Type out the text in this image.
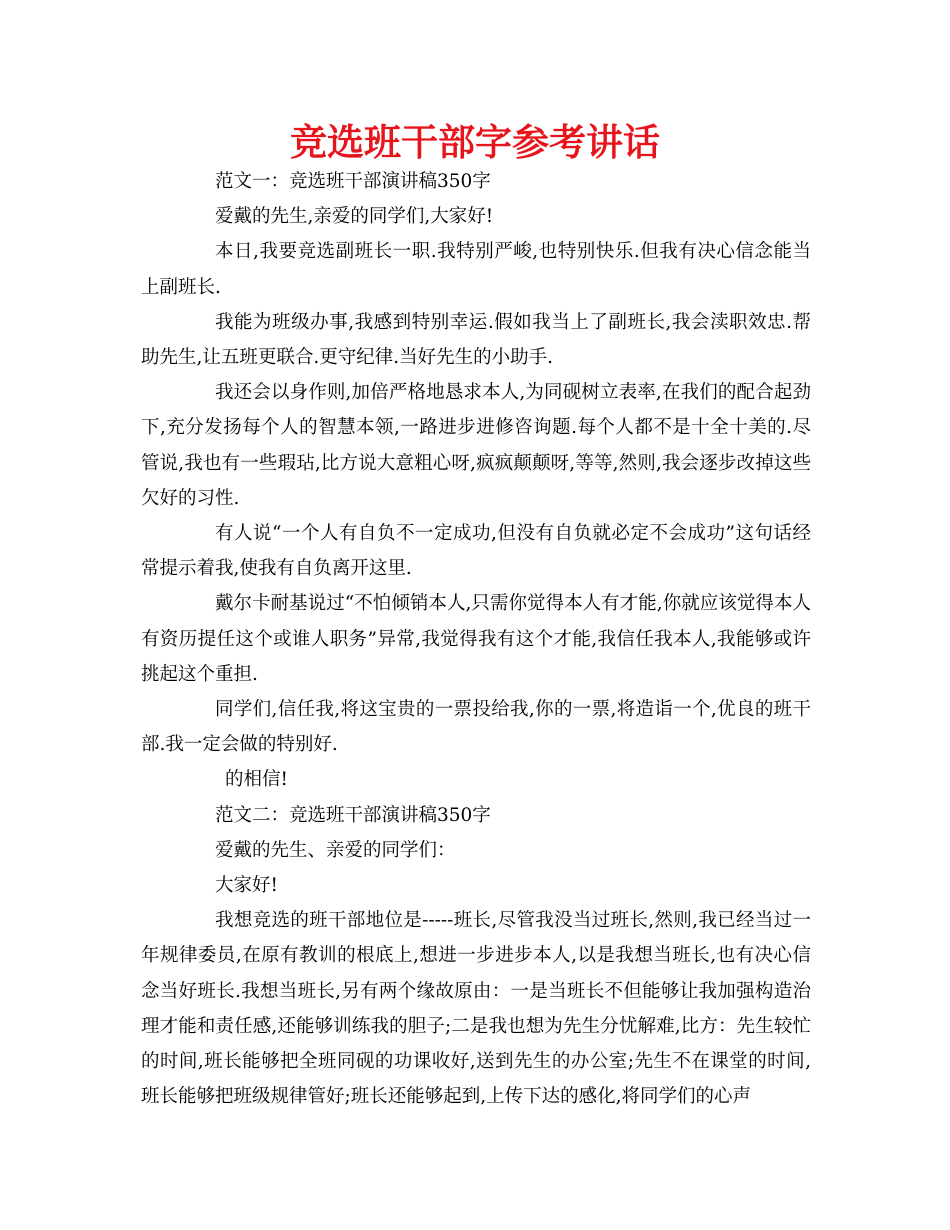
竞选班干部字参考讲话

范文一：竞选班干部演讲稿350字

爱戴的先生,亲爱的同学们,大家好!

本日,我要竞选副班长一职.我特别严峻,也特别快乐.但我有决心信念能当上副班长.

我能为班级办事,我感到特别幸运.假如我当上了副班长,我会渎职效忠.帮助先生,让五班更联合.更守纪律.当好先生的小助手.

我还会以身作则,加倍严格地恳求本人,为同砚树立表率,在我们的配合起劲下,充分发扬每个人的智慧本领,一路进步进修咨询题.每个人都不是十全十美的.尽管说,我也有一些瑕玷,比方说大意粗心呀,疯疯颠颠呀,等等,然则,我会逐步改掉这些欠好的习性.

有人说“一个人有自负不一定成功,但没有自负就必定不会成功”这句话经常提示着我,使我有自负离开这里.

戴尔卡耐基说过“不怕倾销本人,只需你觉得本人有才能,你就应该觉得本人有资历提任这个或谁人职务”异常,我觉得我有这个才能,我信任我本人,我能够或许挑起这个重担.

同学们,信任我,将这宝贵的一票投给我,你的一票,将造诣一个,优良的班干部.我一定会做的特别好.

的相信!

范文二：竞选班干部演讲稿350字

爱戴的先生、亲爱的同学们：

大家好!

我想竞选的班干部地位是-----班长,尽管我没当过班长,然则,我已经当过一年规律委员,在原有教训的根底上,想进一步进步本人,以是我想当班长,也有决心信念当好班长.我想当班长,另有两个缘故原由：一是当班长不但能够让我加强构造治理才能和责任感,还能够训练我的胆子;二是我也想为先生分忧解难,比方：先生较忙的时间,班长能够把全班同砚的功课收好,送到先生的办公室;先生不在课堂的时间,班长能够把班级规律管好;班长还能够起到,上传下达的感化,将同学们的心声
